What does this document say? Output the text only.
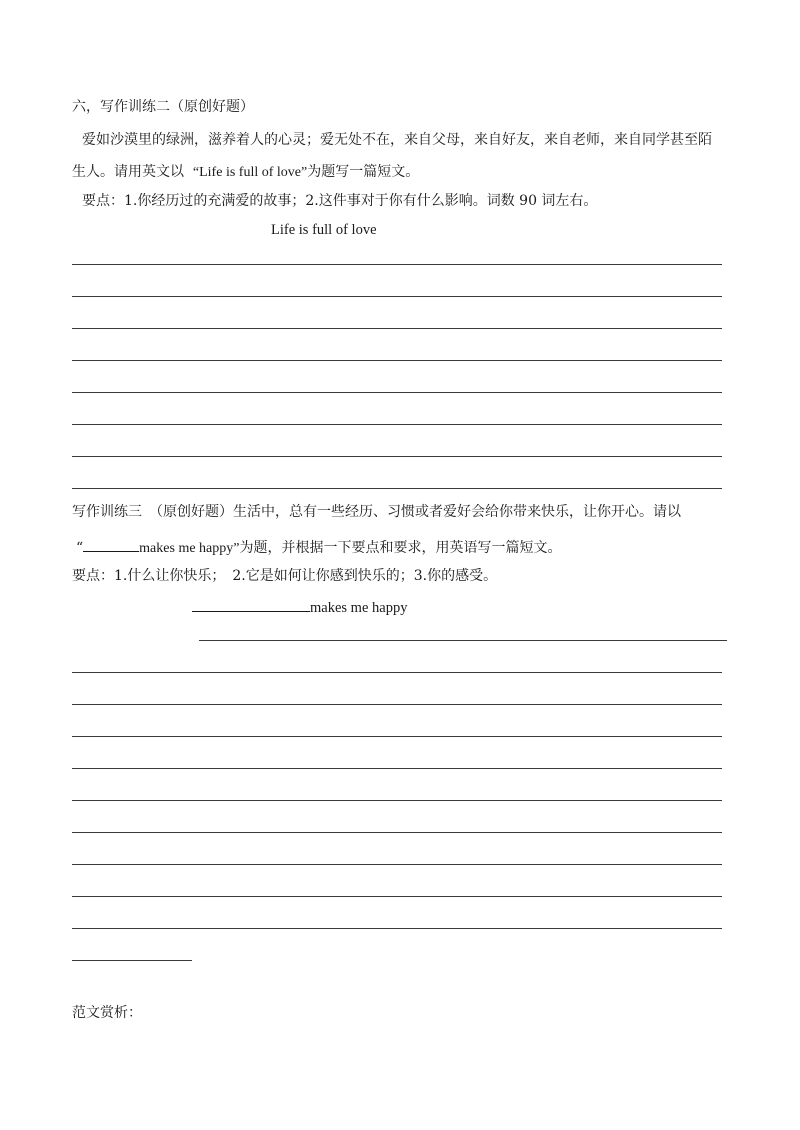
六，写作训练二（原创好题）
爱如沙漠里的绿洲，滋养着人的心灵；爱无处不在，来自父母，来自好友，来自老师，来自同学甚至陌
生人。请用英文以 “Life is full of love”为题写一篇短文。
要点：1.你经历过的充满爱的故事；2.这件事对于你有什么影响。词数 90 词左右。
Life is full of love
写作训练三　（原创好题）生活中，总有一些经历、习惯或者爱好会给你带来快乐，让你开心。请以
“	makes me happy”为题，并根据一下要点和要求，用英语写一篇短文。
要点：1.什么让你快乐；　2.它是如何让你感到快乐的；3.你的感受。
makes me happy
范文赏析：
